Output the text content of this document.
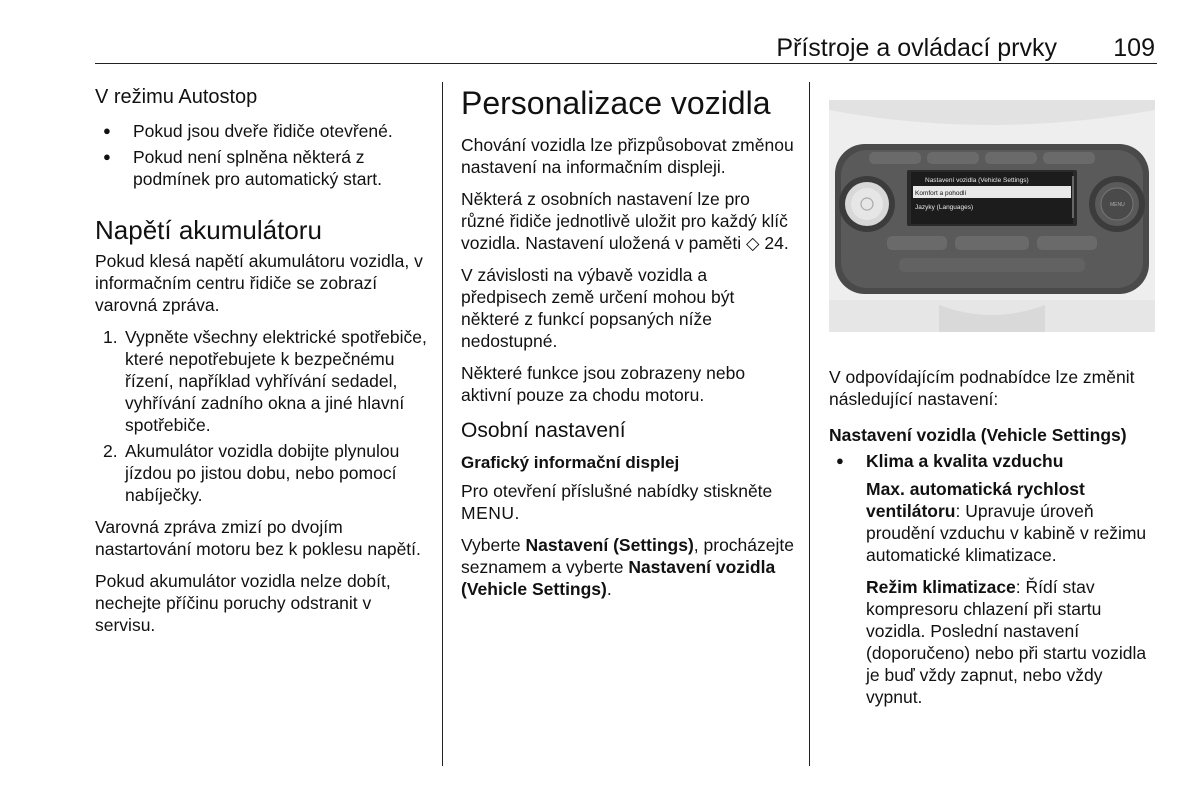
Přístroje a ovládací prvky 109
V režimu Autostop
● Pokud jsou dveře řidiče otevřené.
● Pokud není splněna některá z podmínek pro automatický start.
Napětí akumulátoru

Pokud klesá napětí akumulátoru vozidla, v informačním centru řidiče se zobrazí varovná zpráva.

1. Vypněte všechny elektrické spotřebiče, které nepotřebujete k bezpečnému řízení, například vyhřívání sedadel, vyhřívání zadního okna a jiné hlavní spotřebiče.
2. Akumulátor vozidla dobijte plynulou jízdou po jistou dobu, nebo pomocí nabíječky.

Varovná zpráva zmizí po dvojím nastartování motoru bez k poklesu napětí.

Pokud akumulátor vozidla nelze dobít, nechejte příčinu poruchy odstranit v servisu.

Personalizace vozidla

Chování vozidla lze přizpůsobovat změnou nastavení na informačním displeji.

Některá z osobních nastavení lze pro různé řidiče jednotlivě uložit pro každý klíč vozidla. Nastavení uložená v paměti ◇ 24.

V závislosti na výbavě vozidla a předpisech země určení mohou být některé z funkcí popsaných níže nedostupné.

Některé funkce jsou zobrazeny nebo aktivní pouze za chodu motoru.

Osobní nastavení
Grafický informační displej

Pro otevření příslušné nabídky stiskněte MENU.

Vyberte Nastavení (Settings), procházejte seznamem a vyberte Nastavení vozidla (Vehicle Settings).

Nastavení vozidla (Vehicle Settings)
Komfort a pohodlí
Jazyky (Languages)	MENU

V odpovídajícím podnabídce lze změnit následující nastavení:

Nastavení vozidla (Vehicle Settings)
● Klima a kvalita vzduchu

Max. automatická rychlost ventilátoru: Upravuje úroveň proudění vzduchu v kabině v režimu automatické klimatizace.

Režim klimatizace: Řídí stav kompresoru chlazení při startu vozidla. Poslední nastavení (doporučeno) nebo při startu vozidla je buď vždy zapnut, nebo vždy vypnut.
